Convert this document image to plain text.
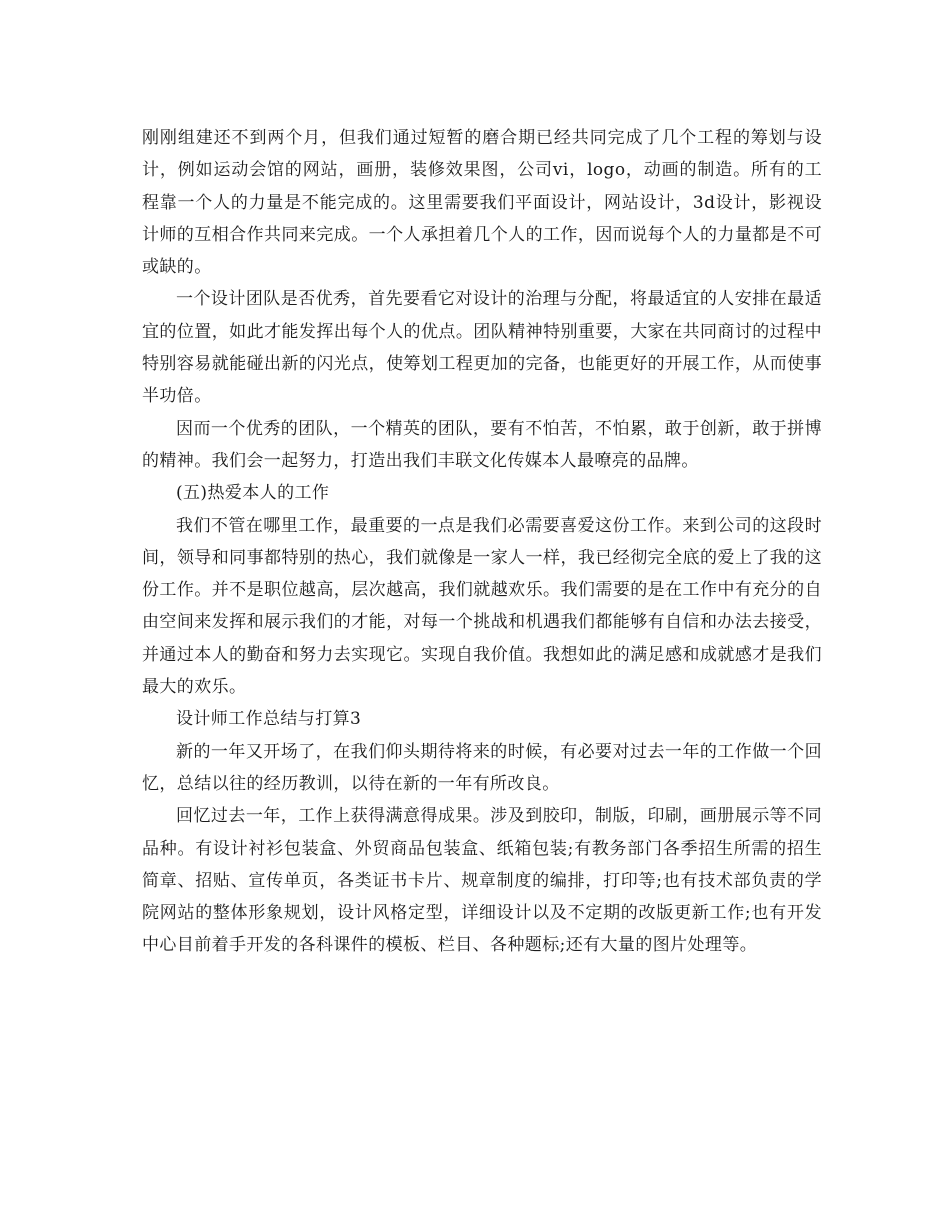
刚刚组建还不到两个月，但我们通过短暂的磨合期已经共同完成了几个工程的筹划与设计，例如运动会馆的网站，画册，装修效果图，公司vi，logo，动画的制造。所有的工程靠一个人的力量是不能完成的。这里需要我们平面设计，网站设计，3d设计，影视设计师的互相合作共同来完成。一个人承担着几个人的工作，因而说每个人的力量都是不可或缺的。

一个设计团队是否优秀，首先要看它对设计的治理与分配，将最适宜的人安排在最适宜的位置，如此才能发挥出每个人的优点。团队精神特别重要，大家在共同商讨的过程中特别容易就能碰出新的闪光点，使筹划工程更加的完备，也能更好的开展工作，从而使事半功倍。

因而一个优秀的团队，一个精英的团队，要有不怕苦，不怕累，敢于创新，敢于拼博的精神。我们会一起努力，打造出我们丰联文化传媒本人最嘹亮的品牌。

(五)热爱本人的工作

我们不管在哪里工作，最重要的一点是我们必需要喜爱这份工作。来到公司的这段时间，领导和同事都特别的热心，我们就像是一家人一样，我已经彻完全底的爱上了我的这份工作。并不是职位越高，层次越高，我们就越欢乐。我们需要的是在工作中有充分的自由空间来发挥和展示我们的才能，对每一个挑战和机遇我们都能够有自信和办法去接受，并通过本人的勤奋和努力去实现它。实现自我价值。我想如此的满足感和成就感才是我们最大的欢乐。

设计师工作总结与打算3

新的一年又开场了，在我们仰头期待将来的时候，有必要对过去一年的工作做一个回忆，总结以往的经历教训，以待在新的一年有所改良。

回忆过去一年，工作上获得满意得成果。涉及到胶印，制版，印刷，画册展示等不同品种。有设计衬衫包装盒、外贸商品包装盒、纸箱包装;有教务部门各季招生所需的招生简章、招贴、宣传单页，各类证书卡片、规章制度的编排，打印等;也有技术部负责的学院网站的整体形象规划，设计风格定型，详细设计以及不定期的改版更新工作;也有开发中心目前着手开发的各科课件的模板、栏目、各种题标;还有大量的图片处理等。
